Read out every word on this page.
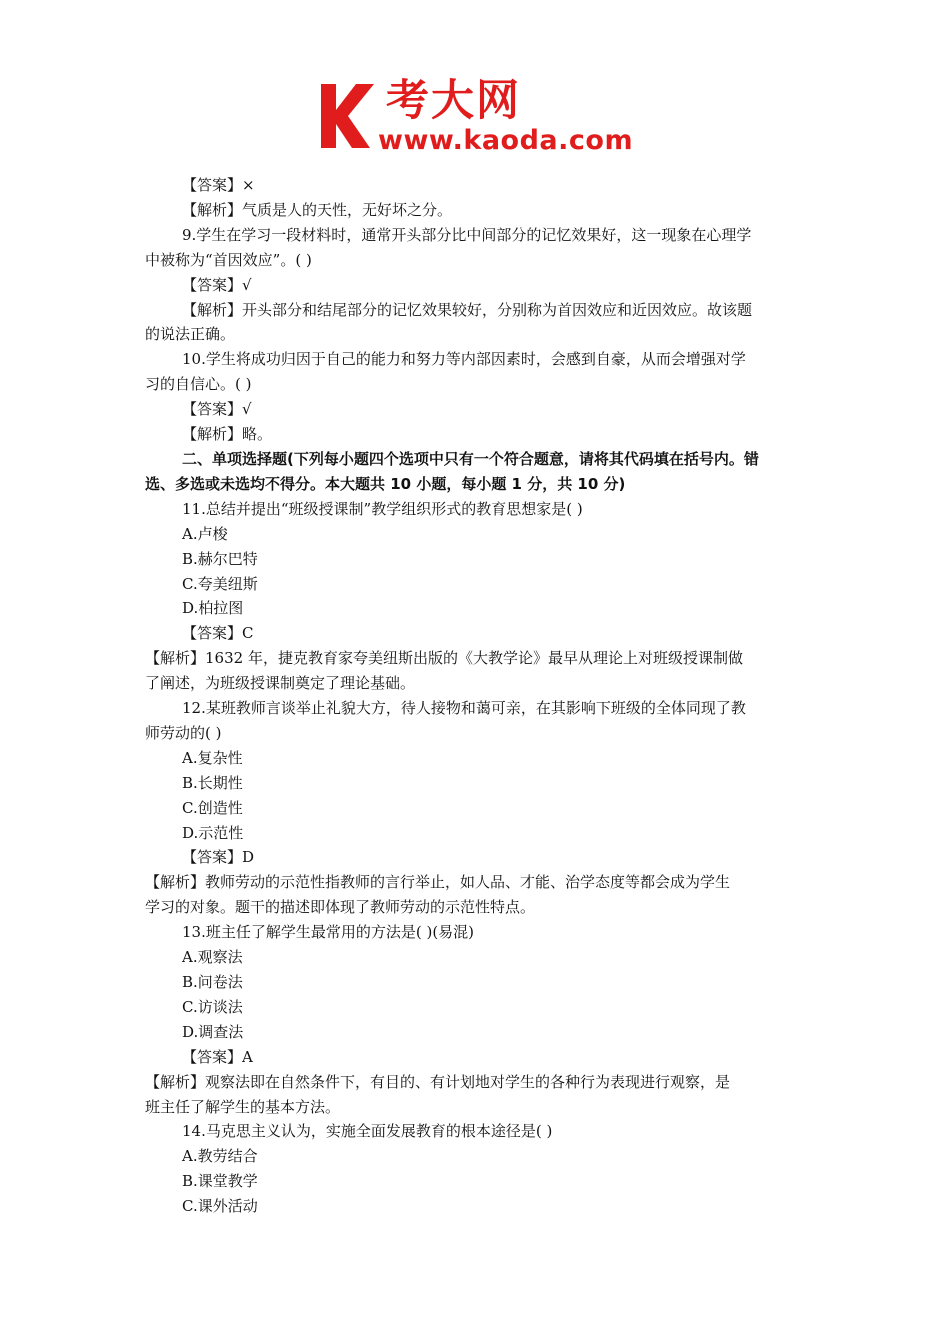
考大网
www.kaoda.com

【答案】×

【解析】气质是人的天性，无好坏之分。

9.学生在学习一段材料时，通常开头部分比中间部分的记忆效果好，这一现象在心理学

中被称为“首因效应”。( )

【答案】√

【解析】开头部分和结尾部分的记忆效果较好，分别称为首因效应和近因效应。故该题

的说法正确。

10.学生将成功归因于自己的能力和努力等内部因素时，会感到自豪，从而会增强对学

习的自信心。( )

【答案】√

【解析】略。

二、单项选择题(下列每小题四个选项中只有一个符合题意，请将其代码填在括号内。错

选、多选或未选均不得分。本大题共 10 小题，每小题 1 分，共 10 分)

11.总结并提出“班级授课制”教学组织形式的教育思想家是( )

A.卢梭

B.赫尔巴特

C.夸美纽斯

D.柏拉图

【答案】C

【解析】1632 年，捷克教育家夸美纽斯出版的《大教学论》最早从理论上对班级授课制做

了阐述，为班级授课制奠定了理论基础。

12.某班教师言谈举止礼貌大方，待人接物和蔼可亲，在其影响下班级的全体同现了教

师劳动的( )

A.复杂性

B.长期性

C.创造性

D.示范性

【答案】D

【解析】教师劳动的示范性指教师的言行举止，如人品、才能、治学态度等都会成为学生

学习的对象。题干的描述即体现了教师劳动的示范性特点。

13.班主任了解学生最常用的方法是( )(易混)

A.观察法

B.问卷法

C.访谈法

D.调查法

【答案】A

【解析】观察法即在自然条件下，有目的、有计划地对学生的各种行为表现进行观察，是

班主任了解学生的基本方法。

14.马克思主义认为，实施全面发展教育的根本途径是( )

A.教劳结合

B.课堂教学

C.课外活动
